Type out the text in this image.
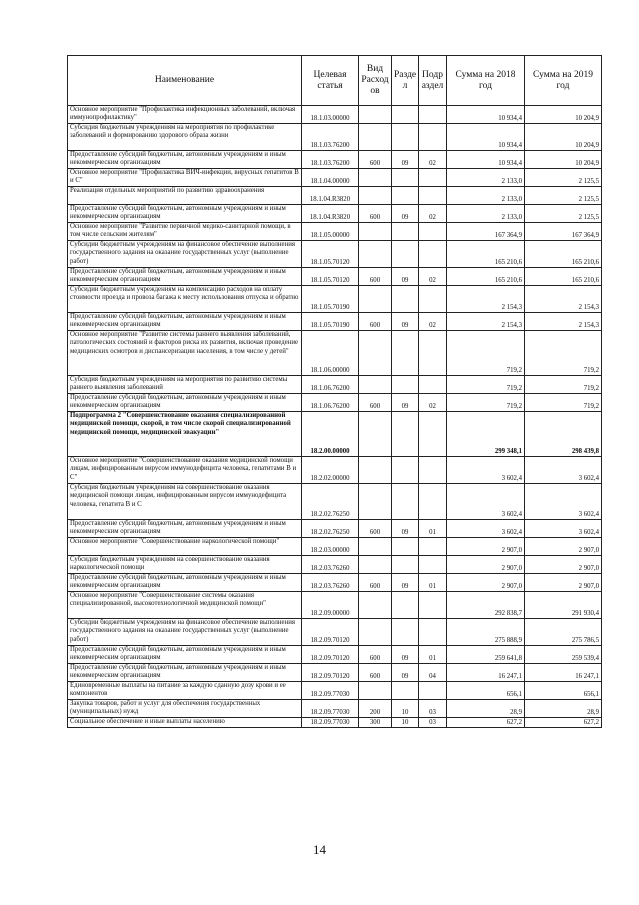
Наименование	Целевая статья	Вид Расход ов	Разде л	Подр аздел	Сумма на 2018 год	Сумма на 2019 год
Основное мероприятие "Профилактика инфекционных заболеваний, включая иммунопрофилактику"	18.1.03.00000				10 934,4	10 204,9
Субсидия бюджетным учреждениям на мероприятия по профилактике заболеваний и формированию здорового образа жизни	18.1.03.76200				10 934,4	10 204,9
Предоставление субсидий бюджетным, автономным учреждениям и иным некоммерческим организациям	18.1.03.76200	600	09	02	10 934,4	10 204,9
Основное мероприятие "Профилактика ВИЧ-инфекции, вирусных гепатитов В и С"	18.1.04.00000				2 133,0	2 125,5
Реализация отдельных мероприятий по развитию здравоохранения	18.1.04.R3820				2 133,0	2 125,5
Предоставление субсидий бюджетным, автономным учреждениям и иным некоммерческим организациям	18.1.04.R3820	600	09	02	2 133,0	2 125,5
Основное мероприятие "Развитие первичной медико-санитарной помощи, в том числе сельским жителям"	18.1.05.00000				167 364,9	167 364,9
Субсидии бюджетным учреждениям на финансовое обеспечение выполнения государственного задания на оказание государственных услуг (выполнение работ)	18.1.05.70120				165 210,6	165 210,6
Предоставление субсидий бюджетным, автономным учреждениям и иным некоммерческим организациям	18.1.05.70120	600	09	02	165 210,6	165 210,6
Субсидии бюджетным учреждениям на компенсацию расходов на оплату стоимости проезда и провоза багажа к месту использования отпуска и обратно	18.1.05.70190				2 154,3	2 154,3
Предоставление субсидий бюджетным, автономным учреждениям и иным некоммерческим организациям	18.1.05.70190	600	09	02	2 154,3	2 154,3
Основное мероприятие "Развитие системы раннего выявления заболеваний, патологических состояний и факторов риска их развития, включая проведение медицинских осмотров и диспансеризации населения, в том числе у детей"	18.1.06.00000				719,2	719,2
Субсидия бюджетным учреждениям на мероприятия по развитию системы раннего выявления заболеваний	18.1.06.76200				719,2	719,2
Предоставление субсидий бюджетным, автономным учреждениям и иным некоммерческим организациям	18.1.06.76200	600	09	02	719,2	719,2
Подпрограмма 2 "Совершенствование оказания специализированной медицинской помощи, скорой, в том числе скорой специализированной медицинской помощи, медицинской эвакуации"	18.2.00.00000				299 348,1	298 439,8
Основное мероприятие "Совершенствование оказания медицинской помощи лицам, инфицированным вирусом иммунодефицита человека, гепатитами В и С"	18.2.02.00000				3 602,4	3 602,4
Субсидия бюджетным учреждениям на совершенствование оказания медицинской помощи лицам, инфицированным вирусом иммунодефицита человека, гепатита В и С	18.2.02.76250				3 602,4	3 602,4
Предоставление субсидий бюджетным, автономным учреждениям и иным некоммерческим организациям	18.2.02.76250	600	09	01	3 602,4	3 602,4
Основное мероприятие "Совершенствование наркологической помощи"	18.2.03.00000				2 907,0	2 907,0
Субсидия бюджетным учреждениям на совершенствование оказания наркологической помощи	18.2.03.76260				2 907,0	2 907,0
Предоставление субсидий бюджетным, автономным учреждениям и иным некоммерческим организациям	18.2.03.76260	600	09	01	2 907,0	2 907,0
Основное мероприятие "Совершенствование системы оказания специализированной, высокотехнологичной медицинской помощи"	18.2.09.00000				292 838,7	291 930,4
Субсидии бюджетным учреждениям на финансовое обеспечение выполнения государственного задания на оказание государственных услуг (выполнение работ)	18.2.09.70120				275 888,9	275 786,5
Предоставление субсидий бюджетным, автономным учреждениям и иным некоммерческим организациям	18.2.09.70120	600	09	01	259 641,8	259 539,4
Предоставление субсидий бюджетным, автономным учреждениям и иным некоммерческим организациям	18.2.09.70120	600	09	04	16 247,1	16 247,1
Единовременные выплаты на питание за каждую сданную дозу крови и ее компонентов	18.2.09.77030				656,1	656,1
Закупка товаров, работ и услуг для обеспечения государственных (муниципальных) нужд	18.2.09.77030	200	10	03	28,9	28,9
Социальное обеспечение и иные выплаты населению	18.2.09.77030	300	10	03	627,2	627,2
14
